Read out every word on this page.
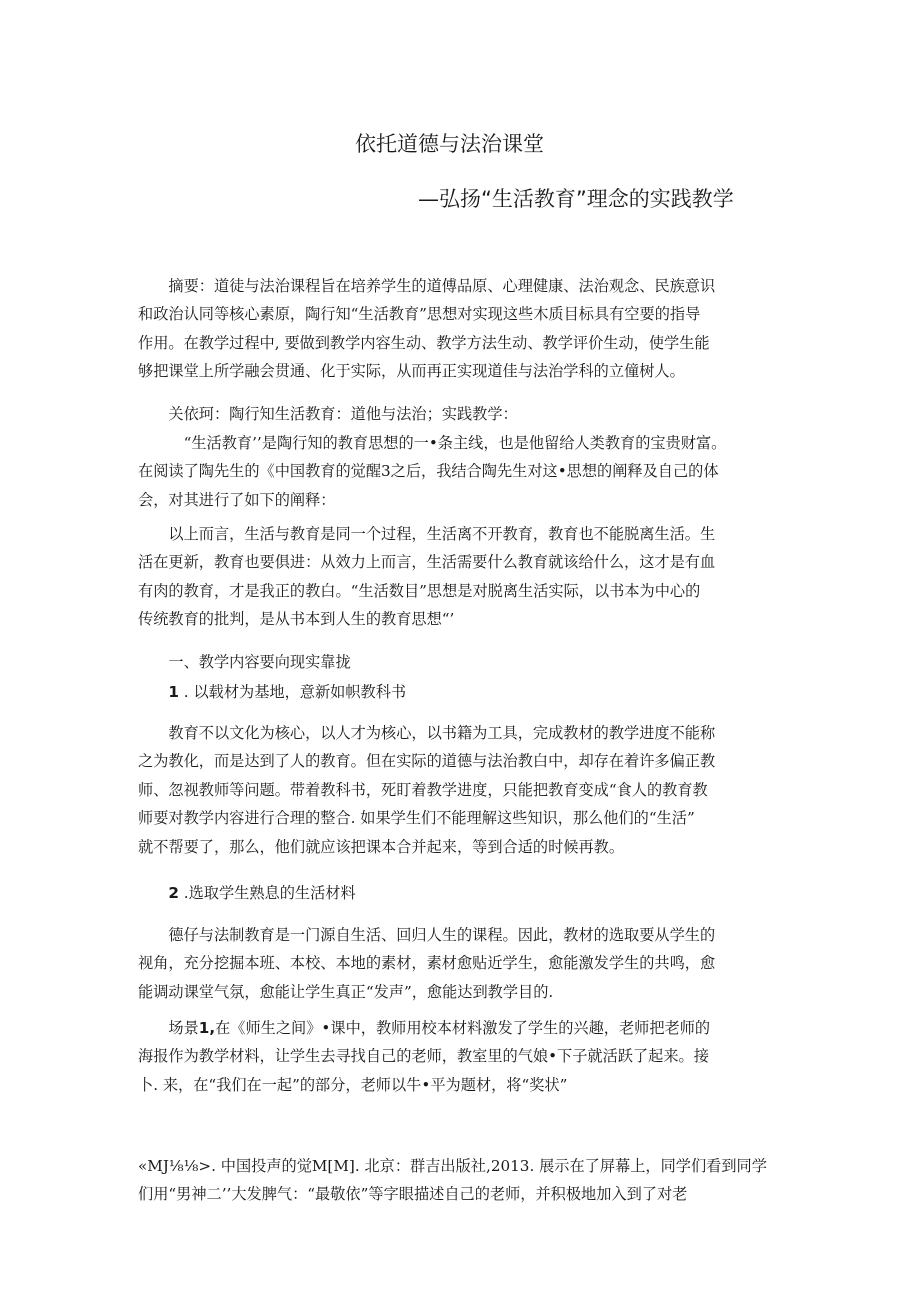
依托道德与法治课堂
—弘扬“生活教育”理念的实践教学
摘要：道徒与法治课程旨在培养学生的道傅品原、心理健康、法治观念、民族意识
和政治认同等核心素原，陶行知“生活教育”思想对实现这些木质目标具有空要的指导
作用。在教学过程中, 要做到教学内容生动、教学方法生动、教学评价生动，使学生能
够把课堂上所学融会贯通、化于实际，从而再正实现道佳与法治学科的立僮树人。
关依珂：陶行知生活教育：道他与法治；实践教学：
“生活教育’’是陶行知的教育思想的一•条主线，也是他留给人类教育的宝贵财富。
在阅读了陶先生的《中国教育的觉醒3之后，我结合陶先生对这•思想的阐释及自己的体
会，对其进行了如下的阐释：
以上而言，生活与教育是同一个过程，生活离不开教育，教育也不能脱离生活。生
活在更新，教育也要俱进：从效力上而言，生活需要什么教育就该给什么，这才是有血
有肉的教育，才是我正的教白。“生活数目”思想是对脱离生活实际，以书本为中心的
传统教育的批判，是从书本到人生的教育思想“’
一、教学内容要向现实靠拢
1 . 以载材为基地，意新如帜教科书
教育不以文化为核心，以人才为核心，以书籍为工具，完成教材的教学进度不能称
之为教化，而是达到了人的教育。但在实际的道德与法治教白中，却存在着许多偏正教
师、忽视教师等问题。带着教科书，死盯着教学进度，只能把教育变成“食人的教育教
师要对教学内容进行合理的整合. 如果学生们不能理解这些知识，那么他们的“生活”
就不帮要了，那么，他们就应该把课本合并起来，等到合适的时候再教。
2 .选取学生熟息的生活材料
德仔与法制教育是一门源自生活、回归人生的课程。因此，教材的选取要从学生的
视角，充分挖掘本班、本校、本地的素材，素材愈贴近学生，愈能激发学生的共鸣，愈
能调动课堂气氛，愈能让学生真正“发声”，愈能达到教学目的.
场景1,在《师生之间》•课中，教师用校本材料激发了学生的兴趣，老师把老师的
海报作为教学材料，让学生去寻找自己的老师，教室里的气娘•下子就活跃了起来。接
卜. 来，在“我们在一起”的部分，老师以牛•平为题材，将“奖状”
«MJ⅛⅛>. 中国投声的觉M[M]. 北京：群吉出版社,2013. 展示在了屏幕上，同学们看到同学
们用“男神二’’大发脾气：“最敬依”等字眼描述自己的老师，并积极地加入到了对老
